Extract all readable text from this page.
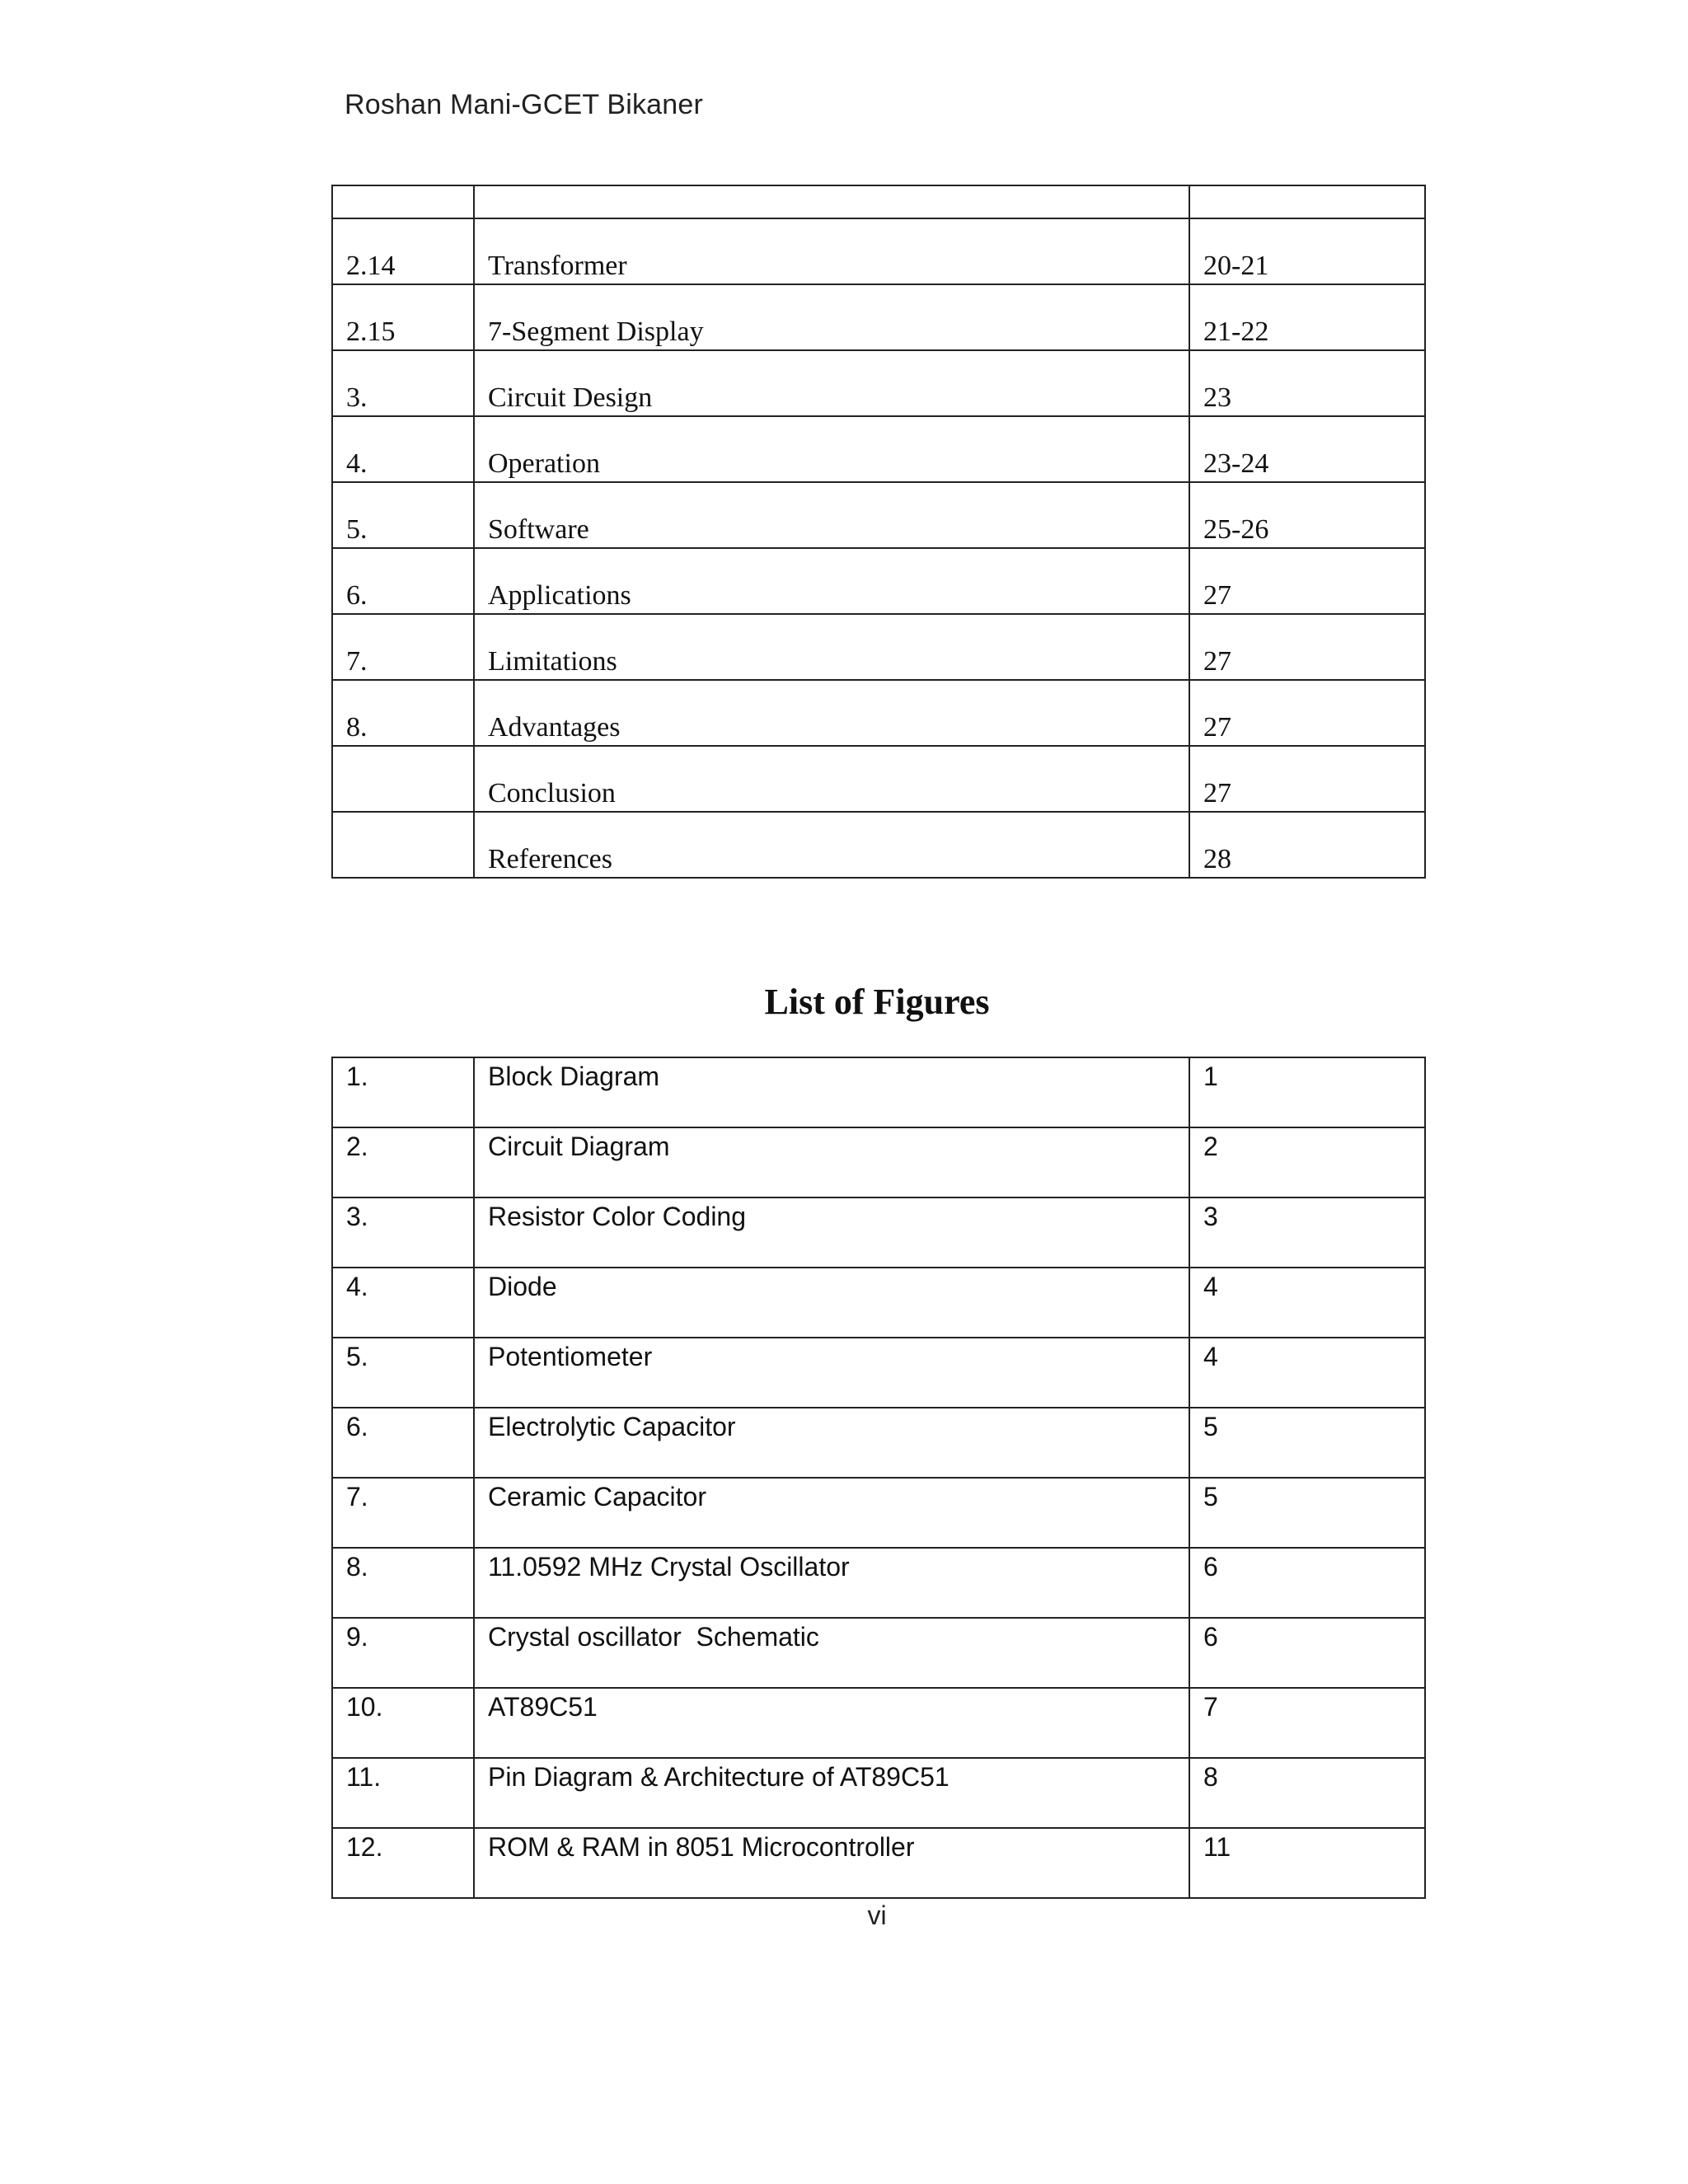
Roshan Mani-GCET Bikaner

2.14	Transformer	20-21
2.15	7-Segment Display	21-22
3.	Circuit Design	23
4.	Operation	23-24
5.	Software	25-26
6.	Applications	27
7.	Limitations	27
8.	Advantages	27
	Conclusion	27
	References	28
List of Figures
1.	Block Diagram	1
2.	Circuit Diagram	2
3.	Resistor Color Coding	3
4.	Diode	4
5.	Potentiometer	4
6.	Electrolytic Capacitor	5
7.	Ceramic Capacitor	5
8.	11.0592 MHz Crystal Oscillator	6
9.	Crystal oscillator  Schematic	6
10.	AT89C51	7
11.	Pin Diagram & Architecture of AT89C51	8
12.	ROM & RAM in 8051 Microcontroller	11
vi
